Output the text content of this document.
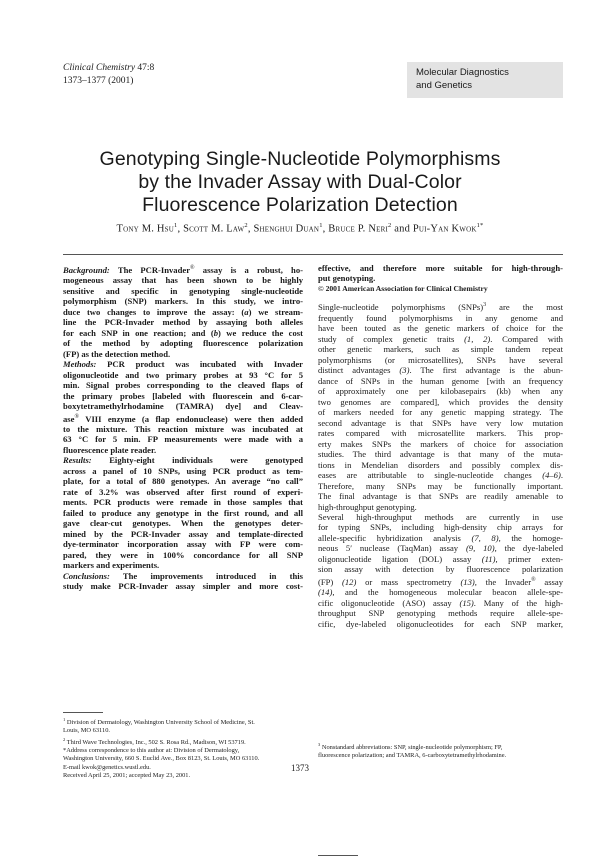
Clinical Chemistry 47:8
1373–1377 (2001)
Molecular Diagnostics
and Genetics
Genotyping Single-Nucleotide Polymorphisms
by the Invader Assay with Dual-Color
Fluorescence Polarization Detection
Tony M. Hsu$^1$, Scott M. Law$^2$, Shenghui Duan$^1$, Bruce P. Neri$^2$ and Pui-Yan Kwok$^{1*}$
Background: The PCR-Invader® assay is a robust, ho-
mogeneous assay that has been shown to be highly
sensitive and specific in genotyping single-nucleotide
polymorphism (SNP) markers. In this study, we intro-
duce two changes to improve the assay: (a) we stream-
line the PCR-Invader method by assaying both alleles
for each SNP in one reaction; and (b) we reduce the cost
of the method by adopting fluorescence polarization
(FP) as the detection method.
Methods: PCR product was incubated with Invader
oligonucleotide and two primary probes at 93 °C for 5
min. Signal probes corresponding to the cleaved flaps of
the primary probes [labeled with fluorescein and 6-car-
boxytetramethylrhodamine (TAMRA) dye] and Cleav-
ase® VIII enzyme (a flap endonuclease) were then added
to the mixture. This reaction mixture was incubated at
63 °C for 5 min. FP measurements were made with a
fluorescence plate reader.
Results: Eighty-eight individuals were genotyped
across a panel of 10 SNPs, using PCR product as tem-
plate, for a total of 880 genotypes. An average “no call”
rate of 3.2% was observed after first round of experi-
ments. PCR products were remade in those samples that
failed to produce any genotype in the first round, and all
gave clear-cut genotypes. When the genotypes deter-
mined by the PCR-Invader assay and template-directed
dye-terminator incorporation assay with FP were com-
pared, they were in 100% concordance for all SNP
markers and experiments.
Conclusions: The improvements introduced in this
study make PCR-Invader assay simpler and more cost-
effective, and therefore more suitable for high-through-
put genotyping.
© 2001 American Association for Clinical Chemistry
Single-nucleotide polymorphisms (SNPs)$^3$ are the most
frequently found polymorphisms in any genome and
have been touted as the genetic markers of choice for the
study of complex genetic traits (1, 2). Compared with
other genetic markers, such as simple tandem repeat
polymorphisms (or microsatellites), SNPs have several
distinct advantages (3). The first advantage is the abun-
dance of SNPs in the human genome [with an frequency
of approximately one per kilobasepairs (kb) when any
two genomes are compared], which provides the density
of markers needed for any genetic mapping strategy. The
second advantage is that SNPs have very low mutation
rates compared with microsatellite markers. This prop-
erty makes SNPs the markers of choice for association
studies. The third advantage is that many of the muta-
tions in Mendelian disorders and possibly complex dis-
eases are attributable to single-nucleotide changes (4–6).
Therefore, many SNPs may be functionally important.
The final advantage is that SNPs are readily amenable to
high-throughput genotyping.
Several high-throughput methods are currently in use
for typing SNPs, including high-density chip arrays for
allele-specific hybridization analysis (7, 8), the homoge-
neous 5′ nuclease (TaqMan) assay (9, 10), the dye-labeled
oligonucleotide ligation (DOL) assay (11), primer exten-
sion assay with detection by fluorescence polarization
(FP) (12) or mass spectrometry (13), the Invader® assay
(14), and the homogeneous molecular beacon allele-spe-
cific oligonucleotide (ASO) assay (15). Many of the high-
throughput SNP genotyping methods require allele-spe-
cific, dye-labeled oligonucleotides for each SNP marker,
$^1$ Division of Dermatology, Washington University School of Medicine, St.
Louis, MO 63110.
$^2$ Third Wave Technologies, Inc., 502 S. Rosa Rd., Madison, WI 53719.
*Address correspondence to this author at: Division of Dermatology,
Washington University, 660 S. Euclid Ave., Box 8123, St. Louis, MO 63110.
E-mail kwok@genetics.wustl.edu.
Received April 25, 2001; accepted May 23, 2001.
$^3$ Nonstandard abbreviations: SNP, single-nucleotide polymorphism; FP,
fluorescence polarization; and TAMRA, 6-carboxytetramethylrhodamine.
1373
